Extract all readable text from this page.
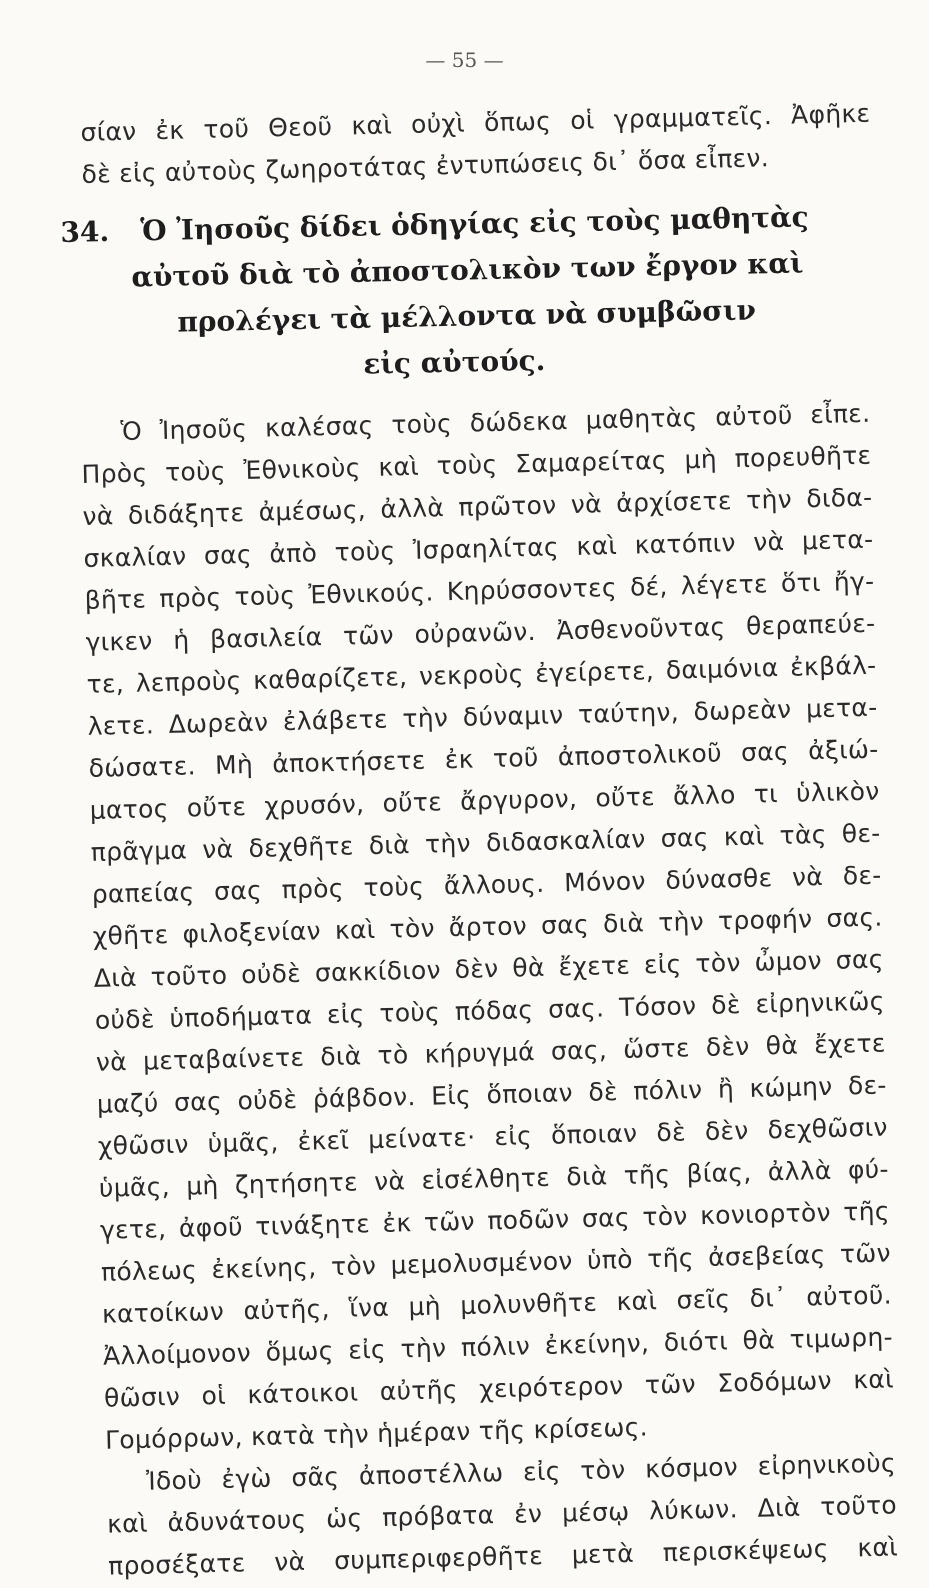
— 55 —
σίαν ἐκ τοῦ Θεοῦ καὶ οὐχὶ ὅπως οἱ γραμματεῖς. Ἀφῆκε
δὲ εἰς αὐτοὺς ζωηροτάτας ἐντυπώσεις δι᾽ ὅσα εἶπεν.
34. Ὁ Ἰησοῦς δίδει ὁδηγίας εἰς τοὺς μαθητὰς
αὐτοῦ διὰ τὸ ἀποστολικὸν των ἔργον καὶ
προλέγει τὰ μέλλοντα νὰ συμβῶσιν
εἰς αὐτούς.
Ὁ Ἰησοῦς καλέσας τοὺς δώδεκα μαθητὰς αὐτοῦ εἶπε.
Πρὸς τοὺς Ἐθνικοὺς καὶ τοὺς Σαμαρείτας μὴ πορευθῆτε
νὰ διδάξητε ἀμέσως, ἀλλὰ πρῶτον νὰ ἀρχίσετε τὴν διδα-
σκαλίαν σας ἀπὸ τοὺς Ἰσραηλίτας καὶ κατόπιν νὰ μετα-
βῆτε πρὸς τοὺς Ἐθνικούς. Κηρύσσοντες δέ, λέγετε ὅτι ἤγ-
γικεν ἡ βασιλεία τῶν οὐρανῶν. Ἀσθενοῦντας θεραπεύε-
τε, λεπροὺς καθαρίζετε, νεκροὺς ἐγείρετε, δαιμόνια ἐκβάλ-
λετε. Δωρεὰν ἐλάβετε τὴν δύναμιν ταύτην, δωρεὰν μετα-
δώσατε. Μὴ ἀποκτήσετε ἐκ τοῦ ἀποστολικοῦ σας ἀξιώ-
ματος οὔτε χρυσόν, οὔτε ἄργυρον, οὔτε ἄλλο τι ὑλικὸν
πρᾶγμα νὰ δεχθῆτε διὰ τὴν διδασκαλίαν σας καὶ τὰς θε-
ραπείας σας πρὸς τοὺς ἄλλους. Μόνον δύνασθε νὰ δε-
χθῆτε φιλοξενίαν καὶ τὸν ἄρτον σας διὰ τὴν τροφήν σας.
Διὰ τοῦτο οὐδὲ σακκίδιον δὲν θὰ ἔχετε εἰς τὸν ὦμον σας
οὐδὲ ὑποδήματα εἰς τοὺς πόδας σας. Τόσον δὲ εἰρηνικῶς
νὰ μεταβαίνετε διὰ τὸ κήρυγμά σας, ὥστε δὲν θὰ ἔχετε
μαζύ σας οὐδὲ ῥάβδον. Εἰς ὅποιαν δὲ πόλιν ἢ κώμην δε-
χθῶσιν ὑμᾶς, ἐκεῖ μείνατε· εἰς ὅποιαν δὲ δὲν δεχθῶσιν
ὑμᾶς, μὴ ζητήσητε νὰ εἰσέλθητε διὰ τῆς βίας, ἀλλὰ φύ-
γετε, ἀφοῦ τινάξητε ἐκ τῶν ποδῶν σας τὸν κονιορτὸν τῆς
πόλεως ἐκείνης, τὸν μεμολυσμένον ὑπὸ τῆς ἀσεβείας τῶν
κατοίκων αὐτῆς, ἵνα μὴ μολυνθῆτε καὶ σεῖς δι᾽ αὐτοῦ.
Ἀλλοίμονον ὅμως εἰς τὴν πόλιν ἐκείνην, διότι θὰ τιμωρη-
θῶσιν οἱ κάτοικοι αὐτῆς χειρότερον τῶν Σοδόμων καὶ
Γομόρρων, κατὰ τὴν ἡμέραν τῆς κρίσεως.
Ἰδοὺ ἐγὼ σᾶς ἀποστέλλω εἰς τὸν κόσμον εἰρηνικοὺς
καὶ ἀδυνάτους ὡς πρόβατα ἐν μέσῳ λύκων. Διὰ τοῦτο
προσέξατε νὰ συμπεριφερθῆτε μετὰ περισκέψεως καὶ
